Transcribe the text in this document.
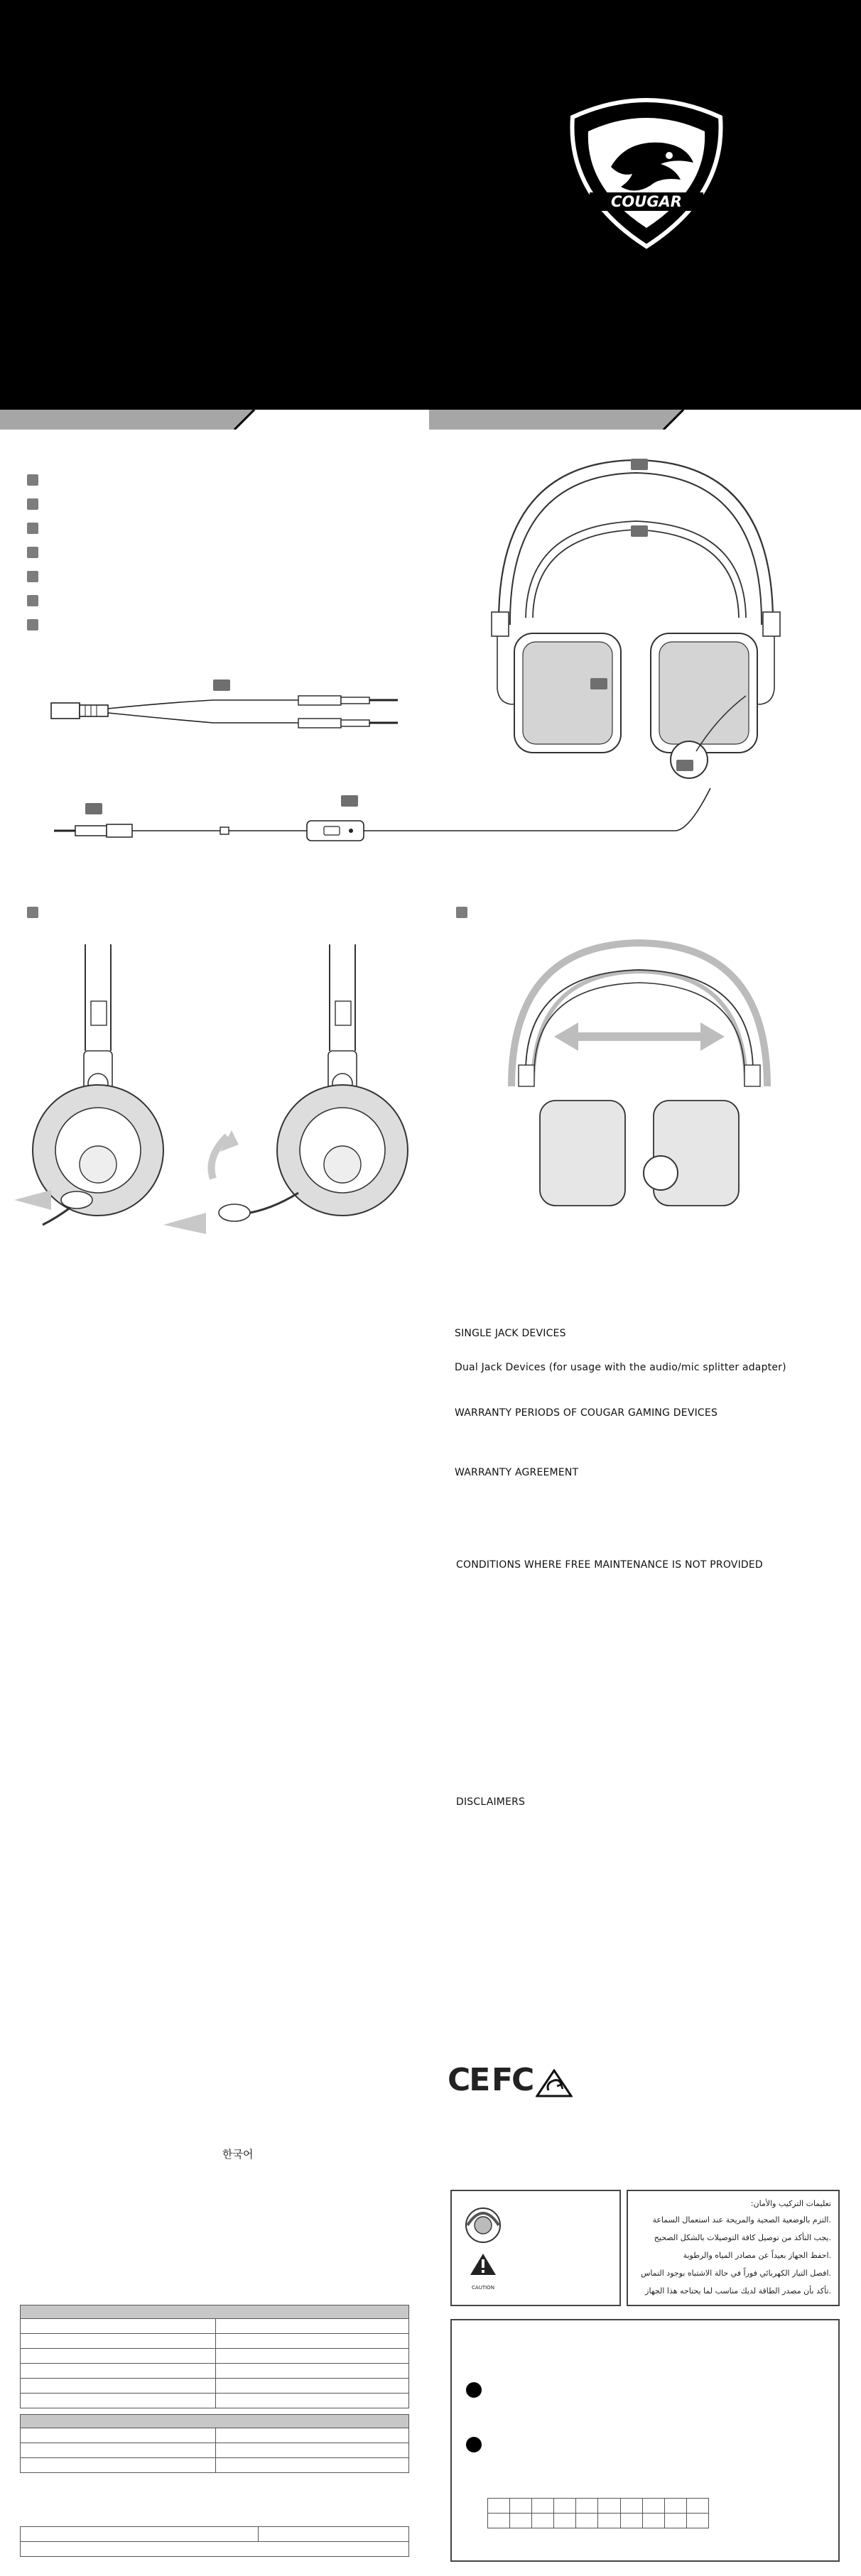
COUGAR
SINGLE JACK DEVICES
Dual Jack Devices (for usage with the audio/mic splitter adapter)
WARRANTY PERIODS OF COUGAR GAMING DEVICES
WARRANTY AGREEMENT
CONDITIONS WHERE FREE MAINTENANCE IS NOT PROVIDED
DISCLAIMERS
CE FC
한국어

CAUTION
تعليمات التركيب والأمان:
.التزم بالوضعية الصحية والمريحة عند استعمال السماعة
.يجب التأكد من توصيل كافة التوصيلات بالشكل الصحيح
.احفظ الجهاز بعيداً عن مصادر المياه والرطوبة
.افصل التيار الكهربائي فوراً في حالة الاشتباه بوجود التماس
.تأكد بأن مصدر الطاقة لديك مناسب لما يحتاجه هذا الجهاز
